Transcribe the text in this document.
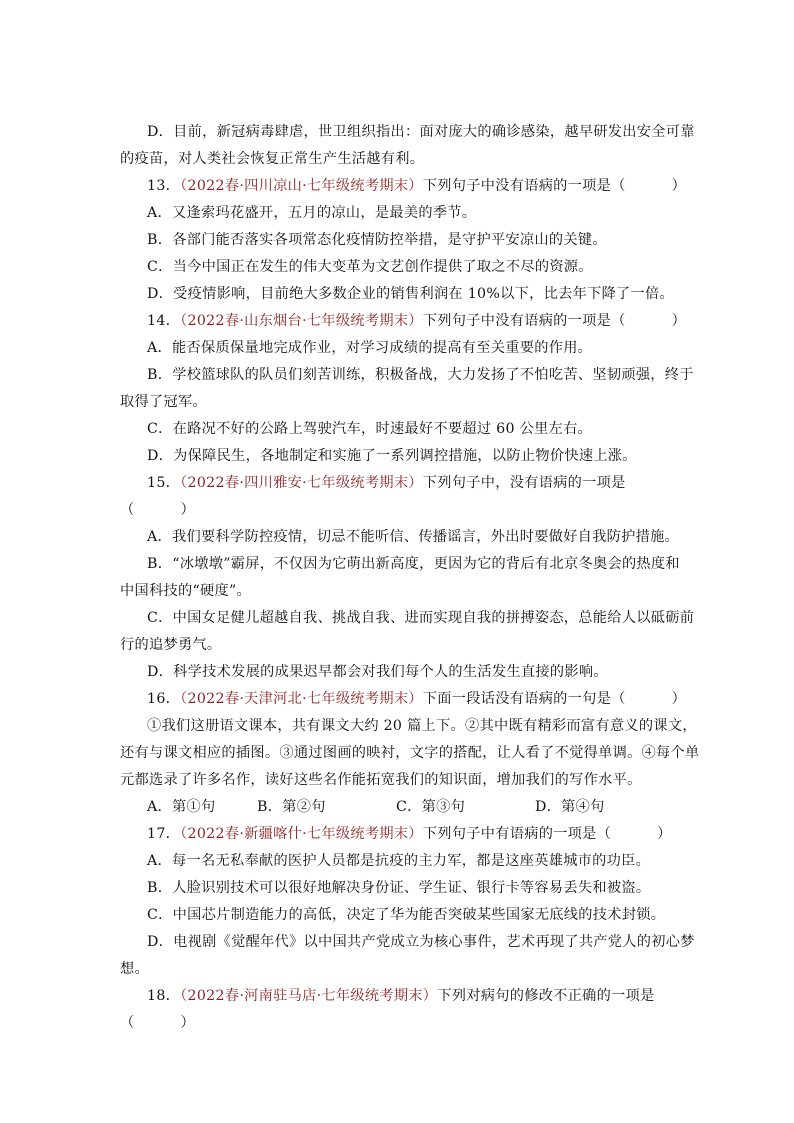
D．目前，新冠病毒肆虐，世卫组织指出：面对庞大的确诊感染，越早研发出安全可靠
的疫苗，对人类社会恢复正常生产生活越有利。
13．（2022春·四川凉山·七年级统考期末）下列句子中没有语病的一项是（	）
A．又逢索玛花盛开，五月的凉山，是最美的季节。
B．各部门能否落实各项常态化疫情防控举措，是守护平安凉山的关键。
C．当今中国正在发生的伟大变革为文艺创作提供了取之不尽的资源。
D．受疫情影响，目前绝大多数企业的销售利润在 10%以下，比去年下降了一倍。
14．（2022春·山东烟台·七年级统考期末）下列句子中没有语病的一项是（	）
A．能否保质保量地完成作业，对学习成绩的提高有至关重要的作用。
B．学校篮球队的队员们刻苦训练，积极备战，大力发扬了不怕吃苦、坚韧顽强，终于
取得了冠军。
C．在路况不好的公路上驾驶汽车，时速最好不要超过 60 公里左右。
D．为保障民生，各地制定和实施了一系列调控措施，以防止物价快速上涨。
15．（2022春·四川雅安·七年级统考期末）下列句子中，没有语病的一项是
（	）
A．我们要科学防控疫情，切忌不能听信、传播谣言，外出时要做好自我防护措施。
B．“冰墩墩”霸屏，不仅因为它萌出新高度，更因为它的背后有北京冬奥会的热度和
中国科技的“硬度”。
C．中国女足健儿超越自我、挑战自我、进而实现自我的拼搏姿态，总能给人以砥砺前
行的追梦勇气。
D．科学技术发展的成果迟早都会对我们每个人的生活发生直接的影响。
16．（2022春·天津河北·七年级统考期末）下面一段话没有语病的一句是（	）
①我们这册语文课本，共有课文大约 20 篇上下。②其中既有精彩而富有意义的课文，
还有与课文相应的插图。③通过图画的映衬，文字的搭配，让人看了不觉得单调。④每个单
元都选录了许多名作，读好这些名作能拓宽我们的知识面，增加我们的写作水平。
A．第①句	B．第②句	C．第③句	D．第④句
17．（2022春·新疆喀什·七年级统考期末）下列句子中有语病的一项是（	）
A．每一名无私奉献的医护人员都是抗疫的主力军，都是这座英雄城市的功臣。
B．人脸识别技术可以很好地解决身份证、学生证、银行卡等容易丢失和被盗。
C．中国芯片制造能力的高低，决定了华为能否突破某些国家无底线的技术封锁。
D．电视剧《觉醒年代》以中国共产党成立为核心事件，艺术再现了共产党人的初心梦
想。
18．（2022春·河南驻马店·七年级统考期末）下列对病句的修改不正确的一项是
（	）
